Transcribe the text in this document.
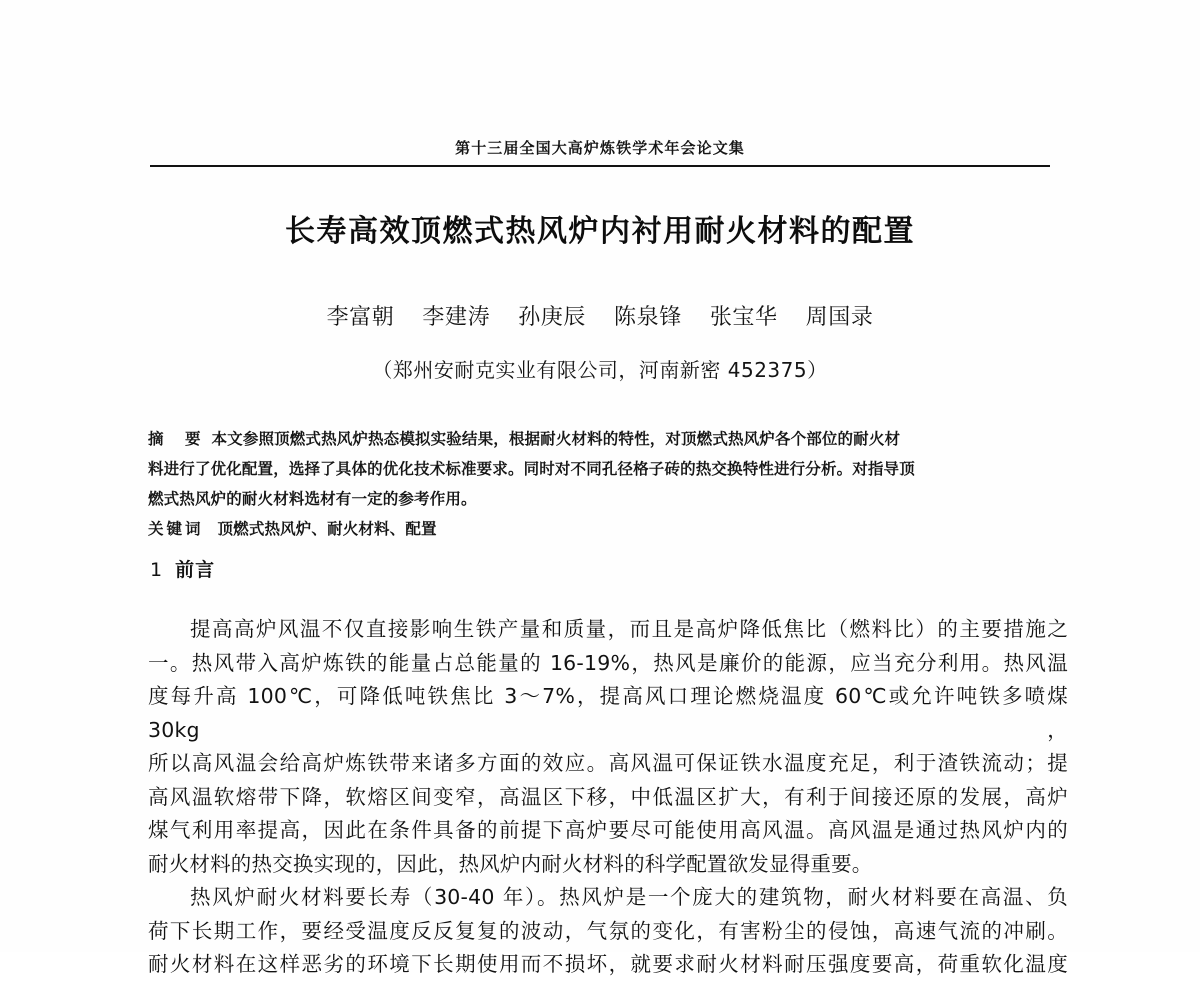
第十三届全国大高炉炼铁学术年会论文集
长寿高效顶燃式热风炉内衬用耐火材料的配置
李富朝 李建涛 孙庚辰 陈泉锋 张宝华 周国录
（郑州安耐克实业有限公司，河南新密 452375）
摘　要 本文参照顶燃式热风炉热态模拟实验结果，根据耐火材料的特性，对顶燃式热风炉各个部位的耐火材
料进行了优化配置，选择了具体的优化技术标准要求。同时对不同孔径格子砖的热交换特性进行分析。对指导顶
燃式热风炉的耐火材料选材有一定的参考作用。
关键词 顶燃式热风炉、耐火材料、配置
1 前言
提高高炉风温不仅直接影响生铁产量和质量，而且是高炉降低焦比（燃料比）的主要措施之
一。热风带入高炉炼铁的能量占总能量的 16-19%，热风是廉价的能源，应当充分利用。热风温
度每升高 100℃，可降低吨铁焦比 3～7%，提高风口理论燃烧温度 60℃或允许吨铁多喷煤 30kg，
所以高风温会给高炉炼铁带来诸多方面的效应。高风温可保证铁水温度充足，利于渣铁流动；提
高风温软熔带下降，软熔区间变窄，高温区下移，中低温区扩大，有利于间接还原的发展，高炉
煤气利用率提高，因此在条件具备的前提下高炉要尽可能使用高风温。高风温是通过热风炉内的
耐火材料的热交换实现的，因此，热风炉内耐火材料的科学配置欲发显得重要。
热风炉耐火材料要长寿（30-40 年）。热风炉是一个庞大的建筑物，耐火材料要在高温、负
荷下长期工作，要经受温度反反复复的波动，气氛的变化，有害粉尘的侵蚀，高速气流的冲刷。
耐火材料在这样恶劣的环境下长期使用而不损坏，就要求耐火材料耐压强度要高，荷重软化温度
